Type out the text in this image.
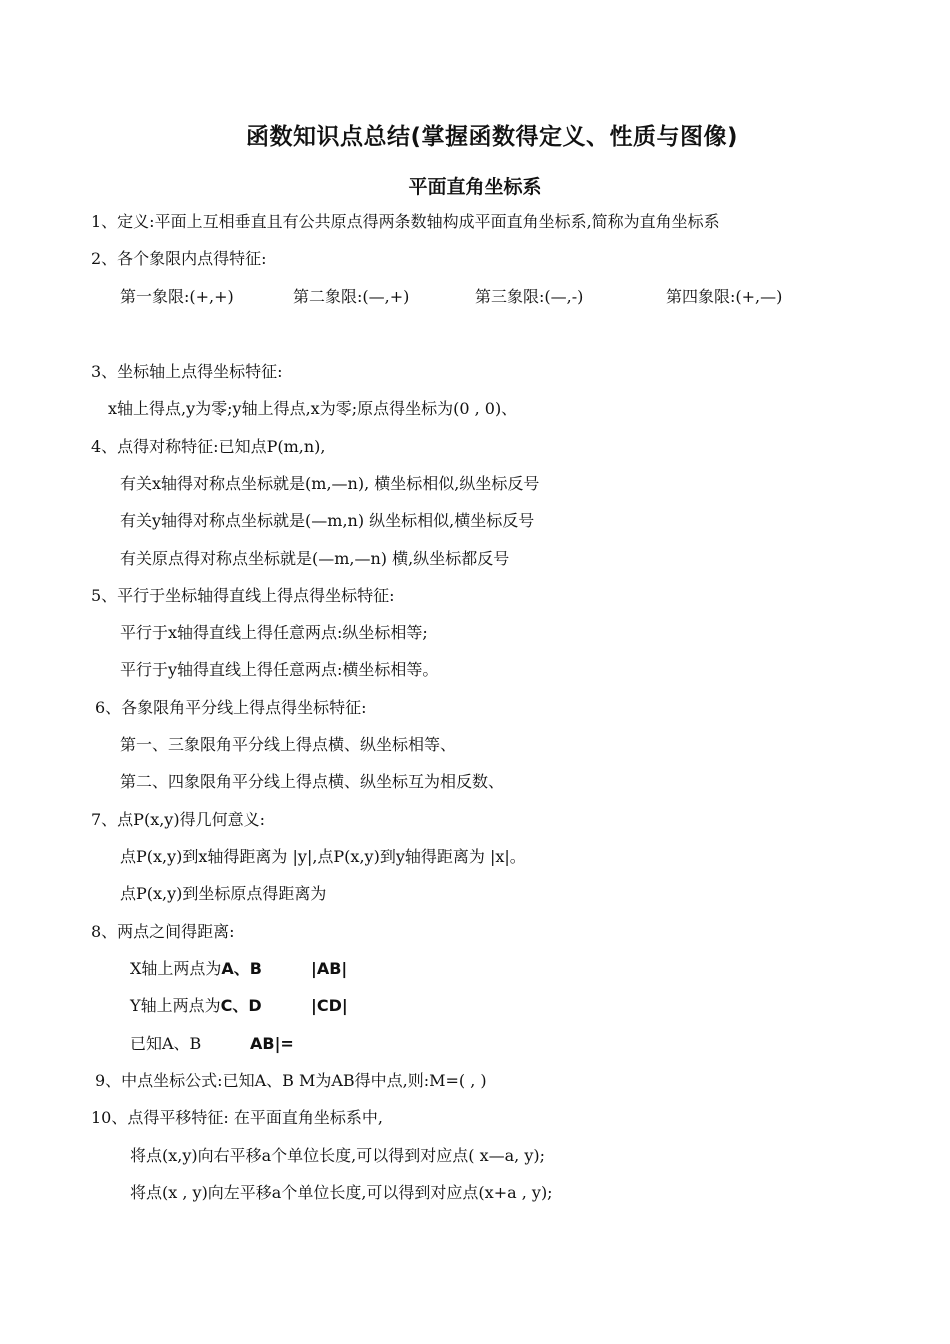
函数知识点总结(掌握函数得定义、性质与图像)
平面直角坐标系
1、定义:平面上互相垂直且有公共原点得两条数轴构成平面直角坐标系,简称为直角坐标系
2、各个象限内点得特征:
第一象限:(+,+)	第二象限:(—,+)	第三象限:(—,-)	第四象限:(+,—)
3、坐标轴上点得坐标特征:
x轴上得点,y为零;y轴上得点,x为零;原点得坐标为(0 , 0)、
4、点得对称特征:已知点P(m,n),
有关x轴得对称点坐标就是(m,—n), 横坐标相似,纵坐标反号
有关y轴得对称点坐标就是(—m,n) 纵坐标相似,横坐标反号
有关原点得对称点坐标就是(—m,—n) 横,纵坐标都反号
5、平行于坐标轴得直线上得点得坐标特征:
平行于x轴得直线上得任意两点:纵坐标相等;
平行于y轴得直线上得任意两点:横坐标相等。
6、各象限角平分线上得点得坐标特征:
第一、三象限角平分线上得点横、纵坐标相等、
第二、四象限角平分线上得点横、纵坐标互为相反数、
7、点P(x,y)得几何意义:
点P(x,y)到x轴得距离为 |y|,点P(x,y)到y轴得距离为 |x|。
点P(x,y)到坐标原点得距离为
8、两点之间得距离:
X轴上两点为A、B	|AB|
Y轴上两点为C、D	|CD|
已知A、B	AB|=
9、中点坐标公式:已知A、B M为AB得中点,则:M=( , )
10、点得平移特征: 在平面直角坐标系中,
将点(x,y)向右平移a个单位长度,可以得到对应点( x—a, y);
将点(x , y)向左平移a个单位长度,可以得到对应点(x+a , y);
